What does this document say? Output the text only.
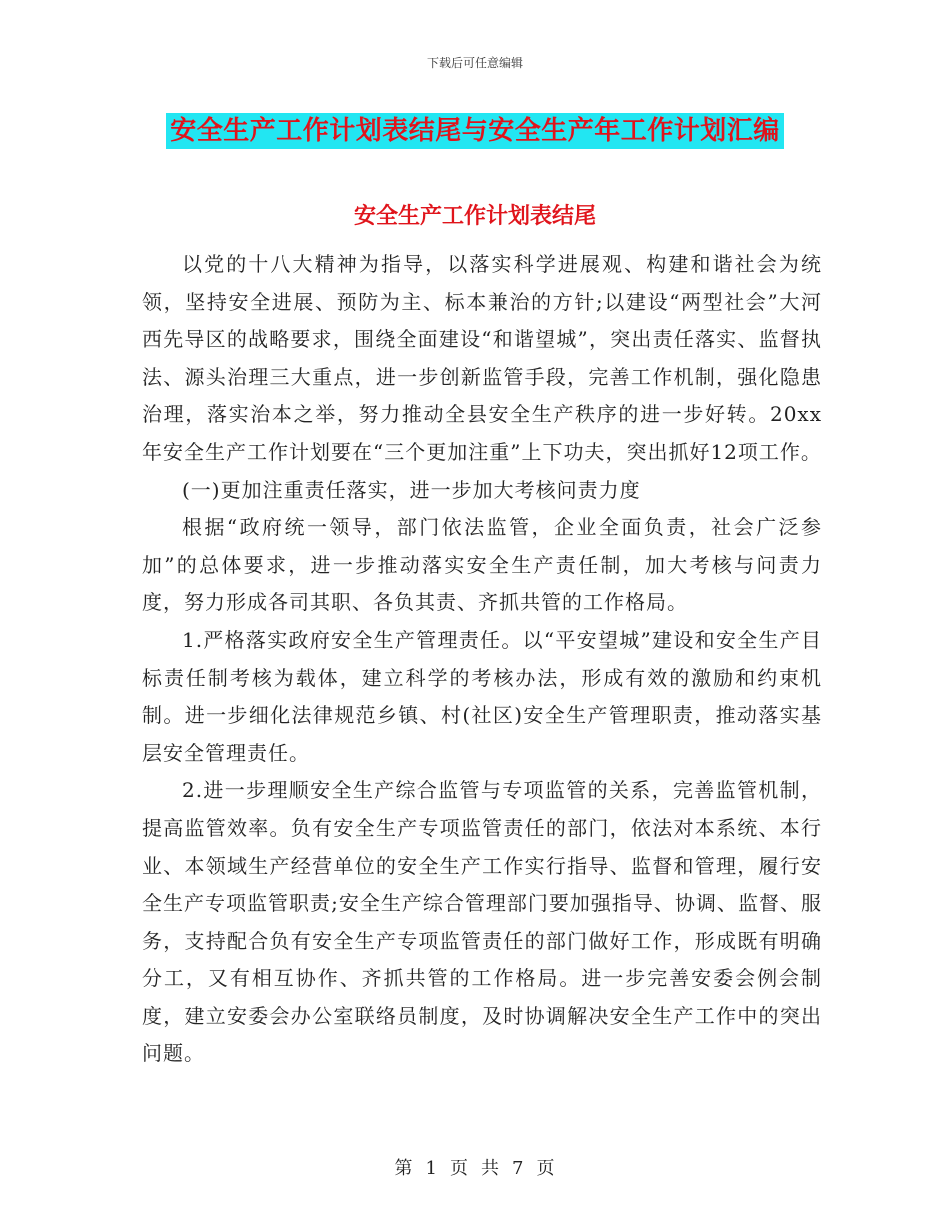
下载后可任意编辑
安全生产工作计划表结尾与安全生产年工作计划汇编
安全生产工作计划表结尾

以党的十八大精神为指导，以落实科学进展观、构建和谐社会为统领，坚持安全进展、预防为主、标本兼治的方针;以建设“两型社会”大河西先导区的战略要求，围绕全面建设“和谐望城”，突出责任落实、监督执法、源头治理三大重点，进一步创新监管手段，完善工作机制，强化隐患治理，落实治本之举，努力推动全县安全生产秩序的进一步好转。20xx年安全生产工作计划要在“三个更加注重”上下功夫，突出抓好12项工作。

(一)更加注重责任落实，进一步加大考核问责力度

根据“政府统一领导，部门依法监管，企业全面负责，社会广泛参加”的总体要求，进一步推动落实安全生产责任制，加大考核与问责力度，努力形成各司其职、各负其责、齐抓共管的工作格局。

1.严格落实政府安全生产管理责任。以“平安望城”建设和安全生产目标责任制考核为载体，建立科学的考核办法，形成有效的激励和约束机制。进一步细化法律规范乡镇、村(社区)安全生产管理职责，推动落实基层安全管理责任。

2.进一步理顺安全生产综合监管与专项监管的关系，完善监管机制，提高监管效率。负有安全生产专项监管责任的部门，依法对本系统、本行业、本领域生产经营单位的安全生产工作实行指导、监督和管理，履行安全生产专项监管职责;安全生产综合管理部门要加强指导、协调、监督、服务，支持配合负有安全生产专项监管责任的部门做好工作，形成既有明确分工，又有相互协作、齐抓共管的工作格局。进一步完善安委会例会制度，建立安委会办公室联络员制度，及时协调解决安全生产工作中的突出问题。

第 1 页 共 7 页
